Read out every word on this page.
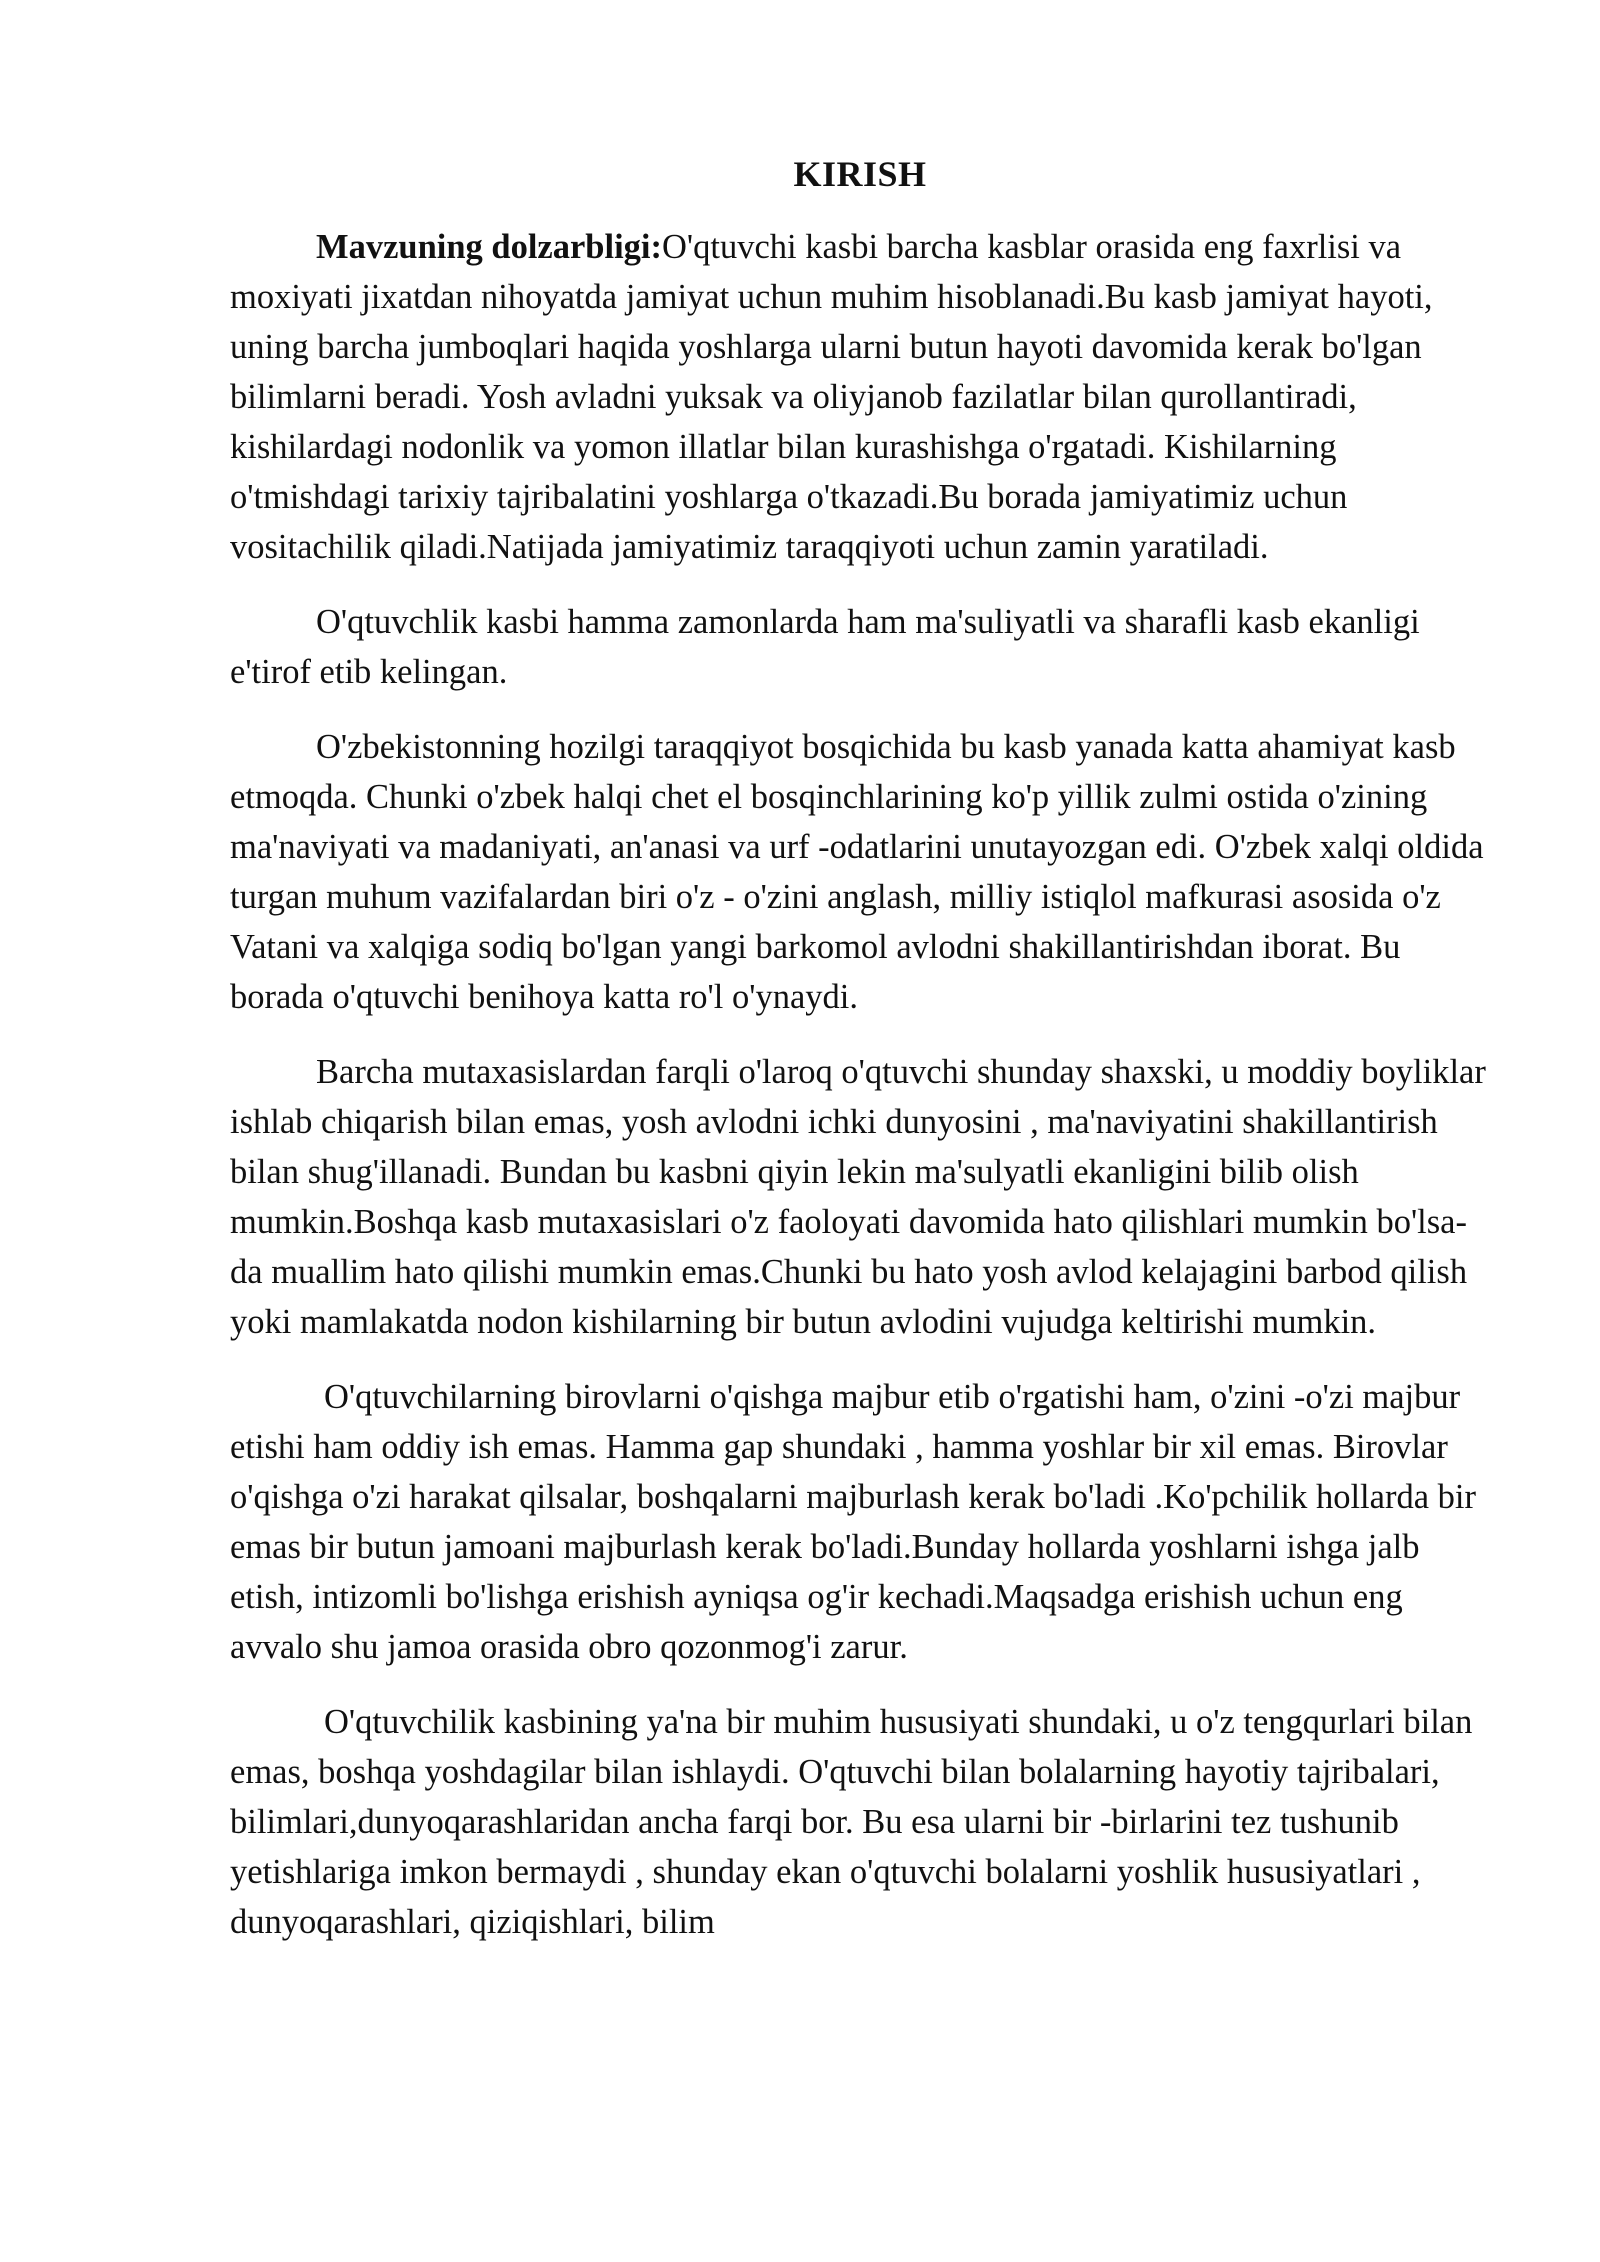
KIRISH

Mavzuning dolzarbligi:O'qtuvchi kasbi barcha kasblar orasida eng faxrlisi va moxiyati jixatdan nihoyatda jamiyat uchun muhim hisoblanadi.Bu kasb jamiyat hayoti, uning barcha jumboqlari haqida yoshlarga ularni butun hayoti davomida kerak bo'lgan bilimlarni beradi. Yosh avladni yuksak va oliyjanob fazilatlar bilan qurollantiradi, kishilardagi nodonlik va yomon illatlar bilan kurashishga o'rgatadi. Kishilarning o'tmishdagi tarixiy tajribalatini yoshlarga o'tkazadi.Bu borada jamiyatimiz uchun vositachilik qiladi.Natijada jamiyatimiz taraqqiyoti uchun zamin yaratiladi.

O'qtuvchlik kasbi hamma zamonlarda ham ma'suliyatli va sharafli kasb ekanligi e'tirof etib kelingan.

O'zbekistonning hozilgi taraqqiyot bosqichida bu kasb yanada katta ahamiyat kasb etmoqda. Chunki o'zbek halqi chet el bosqinchlarining ko'p yillik zulmi ostida o'zining ma'naviyati va madaniyati, an'anasi va urf -odatlarini unutayozgan edi. O'zbek xalqi oldida turgan muhum vazifalardan biri o'z - o'zini anglash, milliy istiqlol mafkurasi asosida o'z Vatani va xalqiga sodiq bo'lgan yangi barkomol avlodni shakillantirishdan iborat. Bu borada o'qtuvchi benihoya katta ro'l o'ynaydi.

Barcha mutaxasislardan farqli o'laroq o'qtuvchi shunday shaxski, u moddiy boyliklar ishlab chiqarish bilan emas, yosh avlodni ichki dunyosini , ma'naviyatini shakillantirish bilan shug'illanadi. Bundan bu kasbni qiyin lekin ma'sulyatli ekanligini bilib olish mumkin.Boshqa kasb mutaxasislari o'z faoloyati davomida hato qilishlari mumkin bo'lsa-da muallim hato qilishi mumkin emas.Chunki bu hato yosh avlod kelajagini barbod qilish yoki mamlakatda nodon kishilarning bir butun avlodini vujudga keltirishi mumkin.

O'qtuvchilarning birovlarni o'qishga majbur etib o'rgatishi ham, o'zini -o'zi majbur etishi ham oddiy ish emas. Hamma gap shundaki , hamma yoshlar bir xil emas. Birovlar o'qishga o'zi harakat qilsalar, boshqalarni majburlash kerak bo'ladi .Ko'pchilik hollarda bir emas bir butun jamoani majburlash kerak bo'ladi.Bunday hollarda yoshlarni ishga jalb etish, intizomli bo'lishga erishish ayniqsa og'ir kechadi.Maqsadga erishish uchun eng avvalo shu jamoa orasida obro qozonmog'i zarur.

O'qtuvchilik kasbining ya'na bir muhim hususiyati shundaki, u o'z tengqurlari bilan emas, boshqa yoshdagilar bilan ishlaydi. O'qtuvchi bilan bolalarning hayotiy tajribalari, bilimlari,dunyoqarashlaridan ancha farqi bor. Bu esa ularni bir -birlarini tez tushunib yetishlariga imkon bermaydi , shunday ekan o'qtuvchi bolalarni yoshlik hususiyatlari , dunyoqarashlari, qiziqishlari, bilim
